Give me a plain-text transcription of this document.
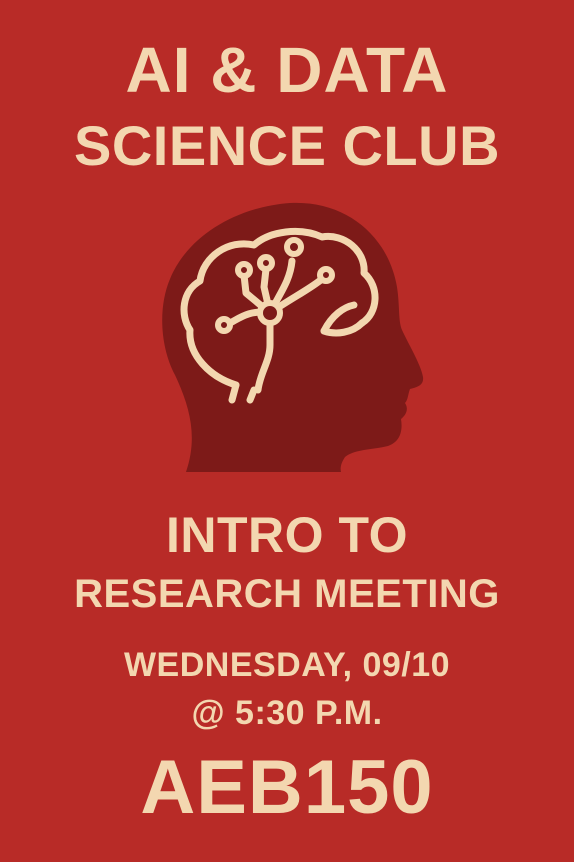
AI & DATA
SCIENCE CLUB
INTRO TO
RESEARCH MEETING
WEDNESDAY, 09/10
@ 5:30 P.M.
AEB150
